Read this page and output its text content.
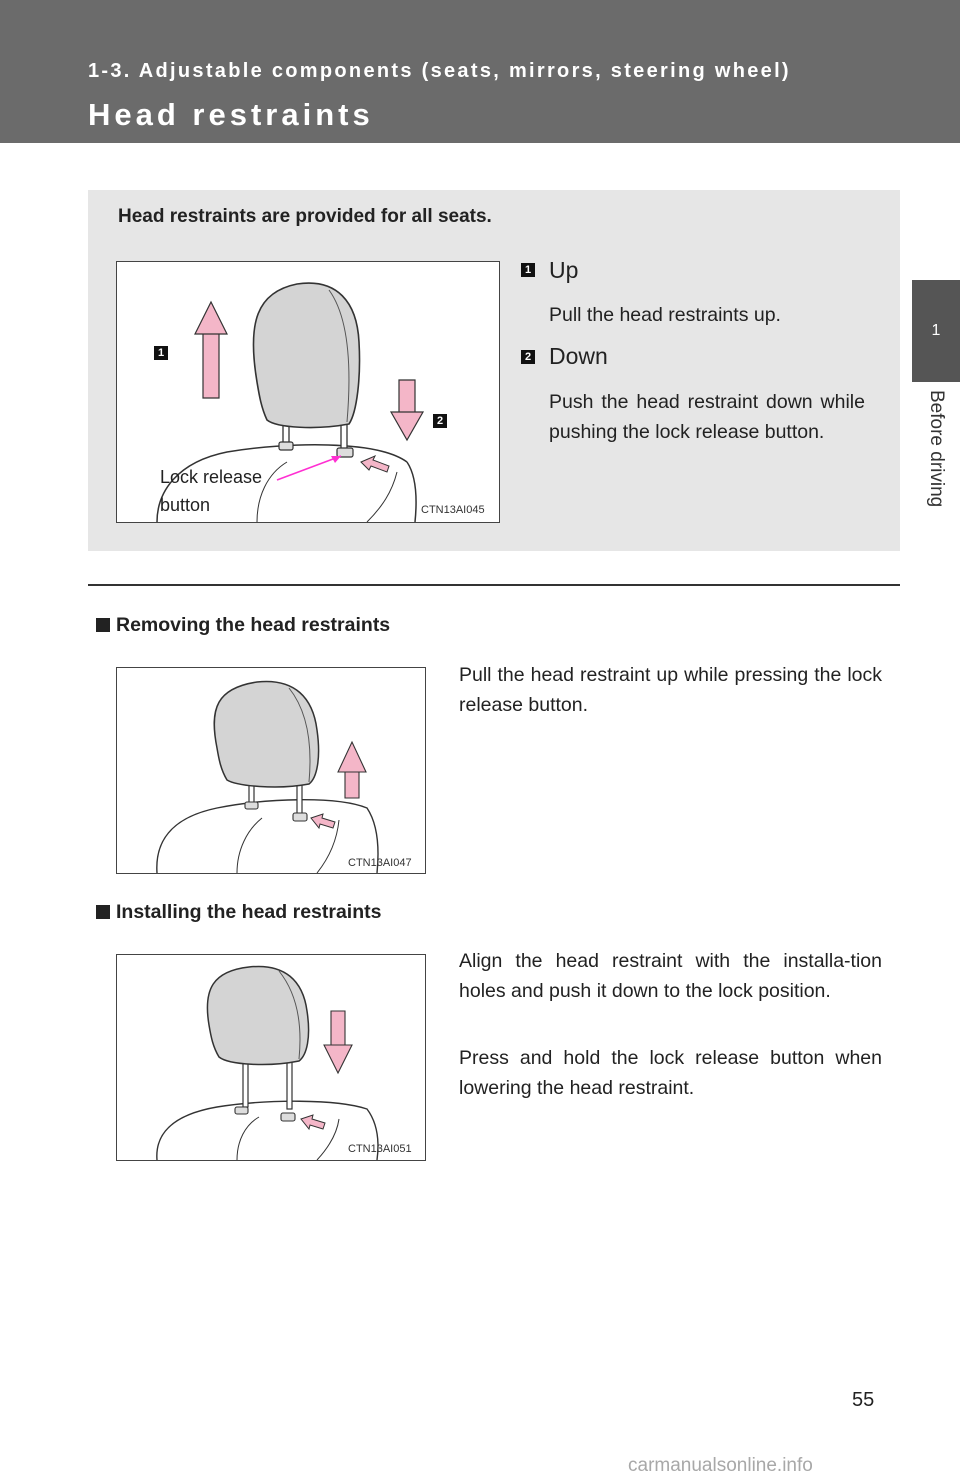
1-3. Adjustable components (seats, mirrors, steering wheel)
Head restraints
1
Before driving
Head restraints are provided for all seats.
1
2
Lock release
button	CTN13AI045
1 Up
Pull the head restraints up.
2 Down
Push the head restraint down while pushing the lock release button.
Removing the head restraints
CTN13AI047
Pull the head restraint up while pressing the lock release button.
Installing the head restraints
CTN13AI051
Align the head restraint with the installa-tion holes and push it down to the lock position.
Press and hold the lock release button when lowering the head restraint.
55
carmanualsonline.info
